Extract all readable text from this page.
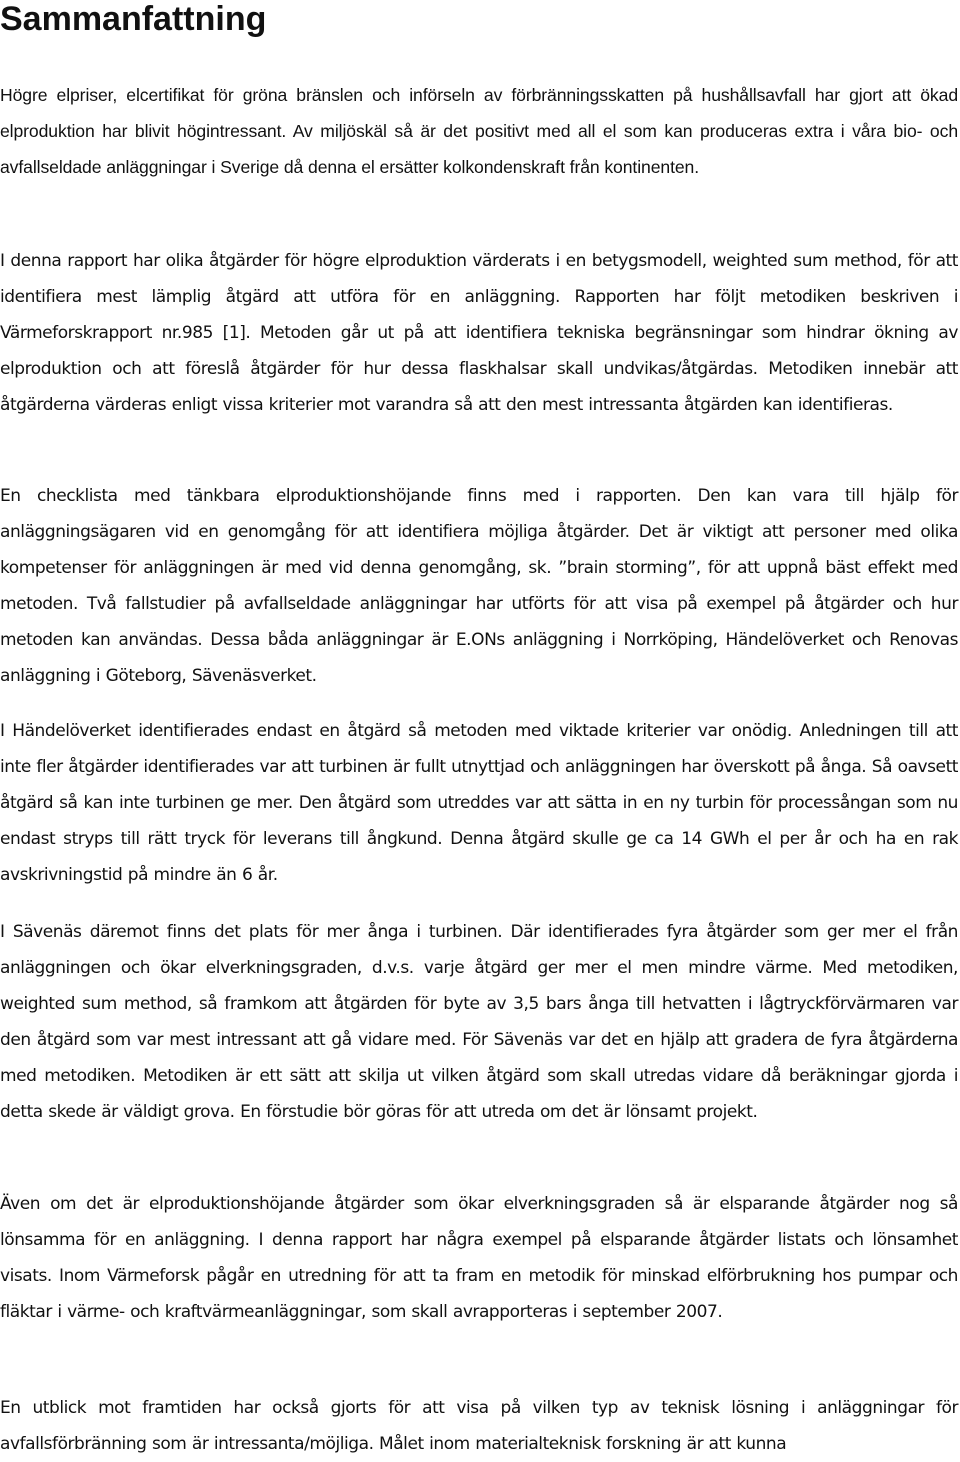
Sammanfattning

Högre elpriser, elcertifikat för gröna bränslen och införseln av förbränningsskatten på hushållsavfall har gjort att ökad elproduktion har blivit högintressant. Av miljöskäl så är det positivt med all el som kan produceras extra i våra bio- och avfallseldade anläggningar i Sverige då denna el ersätter kolkondenskraft från kontinenten.

I denna rapport har olika åtgärder för högre elproduktion värderats i en betygsmodell, weighted sum method, för att identifiera mest lämplig åtgärd att utföra för en anläggning. Rapporten har följt metodiken beskriven i Värmeforskrapport nr.985 [1]. Metoden går ut på att identifiera tekniska begränsningar som hindrar ökning av elproduktion och att föreslå åtgärder för hur dessa flaskhalsar skall undvikas/åtgärdas. Metodiken innebär att åtgärderna värderas enligt vissa kriterier mot varandra så att den mest intressanta åtgärden kan identifieras.

En checklista med tänkbara elproduktionshöjande finns med i rapporten. Den kan vara till hjälp för anläggningsägaren vid en genomgång för att identifiera möjliga åtgärder. Det är viktigt att personer med olika kompetenser för anläggningen är med vid denna genomgång, sk. ”brain storming”, för att uppnå bäst effekt med metoden. Två fallstudier på avfallseldade anläggningar har utförts för att visa på exempel på åtgärder och hur metoden kan användas. Dessa båda anläggningar är E.ONs anläggning i Norrköping, Händelöverket och Renovas anläggning i Göteborg, Sävenäsverket.

I Händelöverket identifierades endast en åtgärd så metoden med viktade kriterier var onödig. Anledningen till att inte fler åtgärder identifierades var att turbinen är fullt utnyttjad och anläggningen har överskott på ånga. Så oavsett åtgärd så kan inte turbinen ge mer. Den åtgärd som utreddes var att sätta in en ny turbin för processångan som nu endast stryps till rätt tryck för leverans till ångkund. Denna åtgärd skulle ge ca 14 GWh el per år och ha en rak avskrivningstid på mindre än 6 år.

I Sävenäs däremot finns det plats för mer ånga i turbinen. Där identifierades fyra åtgärder som ger mer el från anläggningen och ökar elverkningsgraden, d.v.s. varje åtgärd ger mer el men mindre värme. Med metodiken, weighted sum method, så framkom att åtgärden för byte av 3,5 bars ånga till hetvatten i lågtryckförvärmaren var den åtgärd som var mest intressant att gå vidare med. För Sävenäs var det en hjälp att gradera de fyra åtgärderna med metodiken. Metodiken är ett sätt att skilja ut vilken åtgärd som skall utredas vidare då beräkningar gjorda i detta skede är väldigt grova. En förstudie bör göras för att utreda om det är lönsamt projekt.

Även om det är elproduktionshöjande åtgärder som ökar elverkningsgraden så är elsparande åtgärder nog så lönsamma för en anläggning. I denna rapport har några exempel på elsparande åtgärder listats och lönsamhet visats. Inom Värmeforsk pågår en utredning för att ta fram en metodik för minskad elförbrukning hos pumpar och fläktar i värme- och kraftvärmeanläggningar, som skall avrapporteras i september 2007.

En utblick mot framtiden har också gjorts för att visa på vilken typ av teknisk lösning i anläggningar för avfallsförbränning som är intressanta/möjliga. Målet inom materialteknisk forskning är att kunna
